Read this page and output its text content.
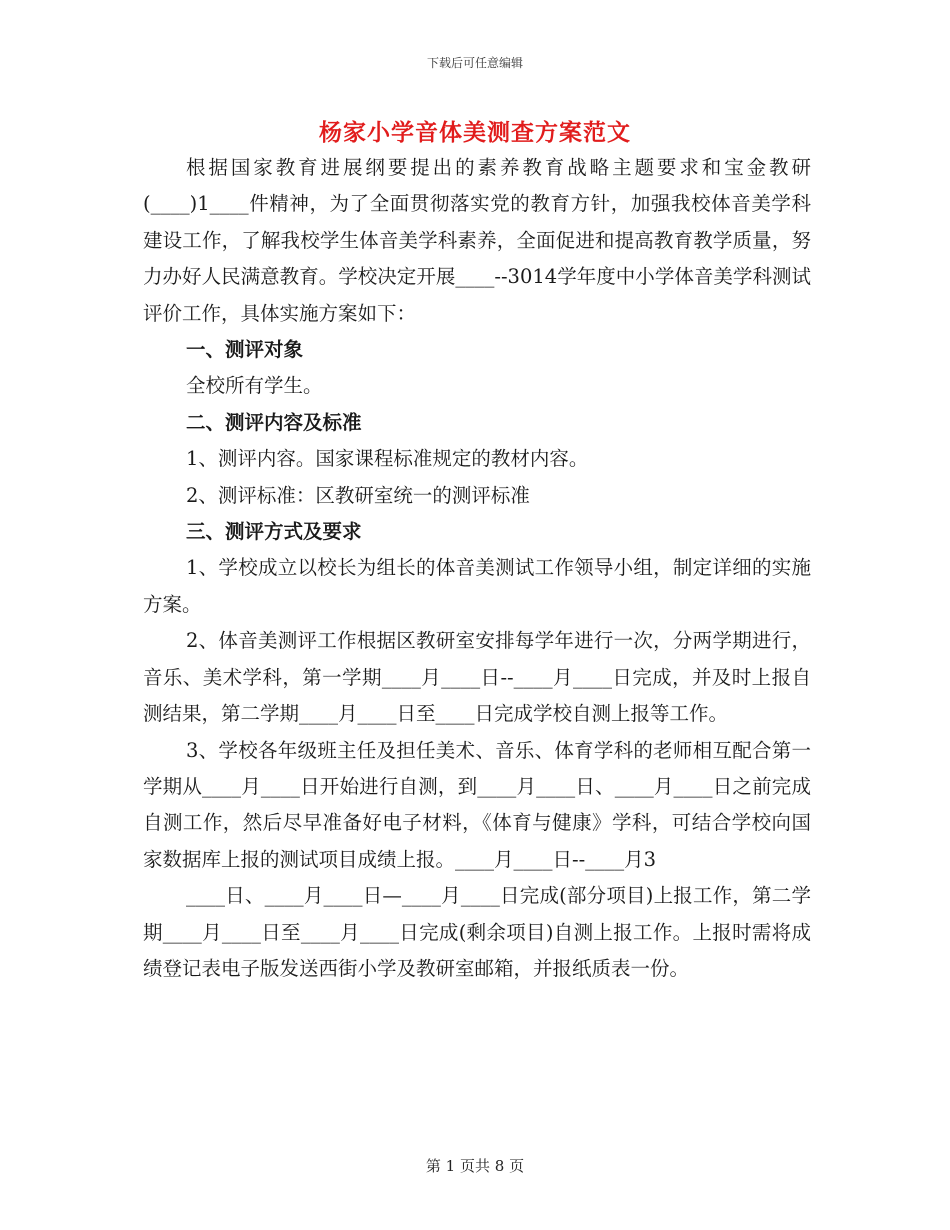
下载后可任意编辑
杨家小学音体美测查方案范文

根据国家教育进展纲要提出的素养教育战略主题要求和宝金教研(____)1____件精神，为了全面贯彻落实党的教育方针，加强我校体音美学科建设工作，了解我校学生体音美学科素养，全面促进和提高教育教学质量，努力办好人民满意教育。学校决定开展____--3014学年度中小学体音美学科测试评价工作，具体实施方案如下：

一、测评对象

全校所有学生。

二、测评内容及标准

1、测评内容。国家课程标准规定的教材内容。

2、测评标准：区教研室统一的测评标准

三、测评方式及要求

1、学校成立以校长为组长的体音美测试工作领导小组，制定详细的实施方案。

2、体音美测评工作根据区教研室安排每学年进行一次，分两学期进行，音乐、美术学科，第一学期____月____日--____月____日完成，并及时上报自测结果，第二学期____月____日至____日完成学校自测上报等工作。

3、学校各年级班主任及担任美术、音乐、体育学科的老师相互配合第一学期从____月____日开始进行自测，到____月____日、____月____日之前完成自测工作，然后尽早准备好电子材料，《体育与健康》学科，可结合学校向国家数据库上报的测试项目成绩上报。____月____日--____月3

____日、____月____日—____月____日完成(部分项目)上报工作，第二学期____月____日至____月____日完成(剩余项目)自测上报工作。上报时需将成绩登记表电子版发送西街小学及教研室邮箱，并报纸质表一份。

第 1 页共 8 页
